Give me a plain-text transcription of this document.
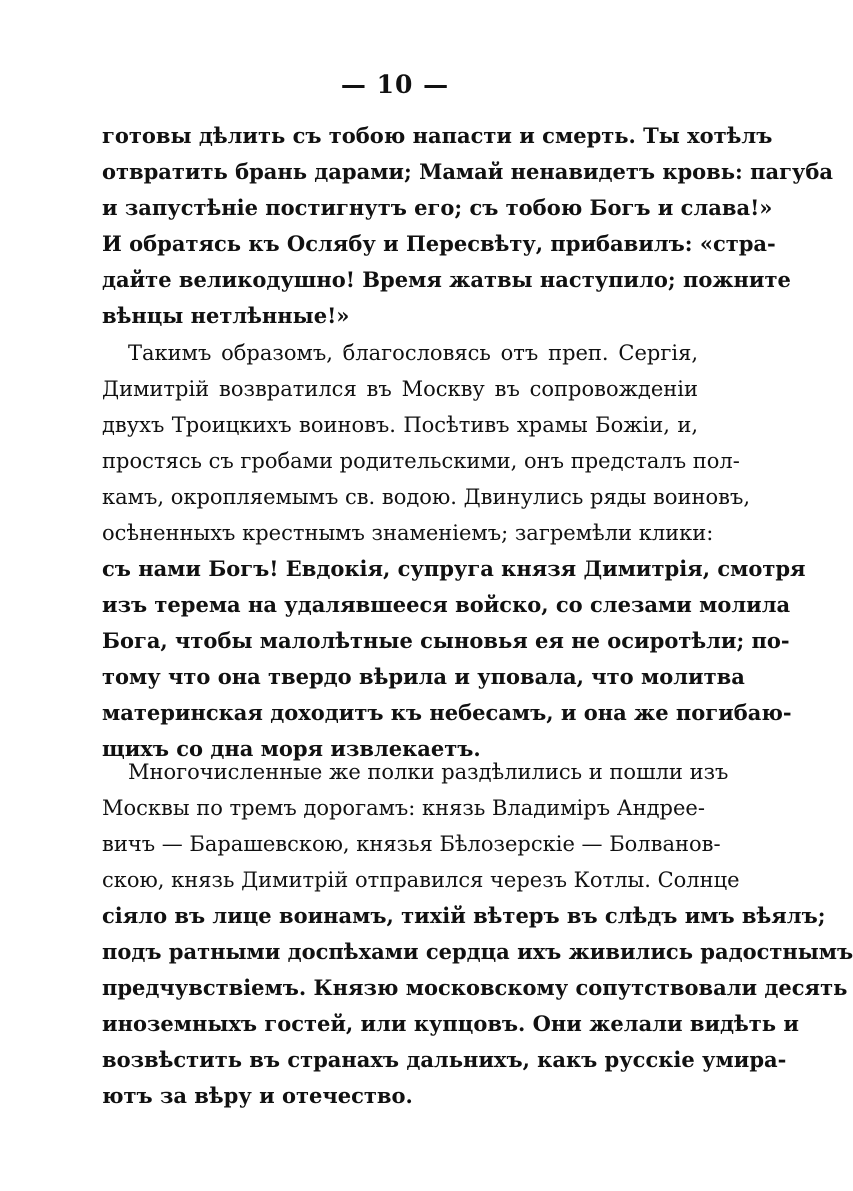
— 10 —
готовы дѣлить съ тобою напасти и смерть. Ты хотѣлъ
отвратить брань дарами; Мамай ненавидетъ кровь: пагуба
и запустѣніе постигнутъ его; съ тобою Богъ и слава!»
И обратясь къ Ослябу и Пересвѣту, прибавилъ: «стра-
дайте великодушно! Время жатвы наступило; пожните
вѣнцы нетлѣнные!»
Такимъ образомъ, благословясь отъ преп. Сергія,
Димитрій возвратился въ Москву въ сопровожденіи
двухъ Троицкихъ воиновъ. Посѣтивъ храмы Божіи, и,
простясь съ гробами родительскими, онъ предсталъ пол-
камъ, окропляемымъ св. водою. Двинулись ряды воиновъ,
осѣненныхъ крестнымъ знаменіемъ; загремѣли клики:
съ нами Богъ! Евдокія, супруга князя Димитрія, смотря
изъ терема на удалявшееся войско, со слезами молила
Бога, чтобы малолѣтные сыновья ея не осиротѣли; по-
тому что она твердо вѣрила и уповала, что молитва
материнская доходитъ къ небесамъ, и она же погибаю-
щихъ со дна моря извлекаетъ.
Многочисленные же полки раздѣлились и пошли изъ
Москвы по тремъ дорогамъ: князь Владиміръ Андрее-
вичъ — Барашевскою, князья Бѣлозерскіе — Болванов-
скою, князь Димитрій отправился черезъ Котлы. Солнце
сіяло въ лице воинамъ, тихій вѣтеръ въ слѣдъ имъ вѣялъ;
подъ ратными доспѣхами сердца ихъ живились радостнымъ
предчувствіемъ. Князю московскому сопутствовали десять
иноземныхъ гостей, или купцовъ. Они желали видѣть и
возвѣстить въ странахъ дальнихъ, какъ русскіе умира-
ютъ за вѣру и отечество.
